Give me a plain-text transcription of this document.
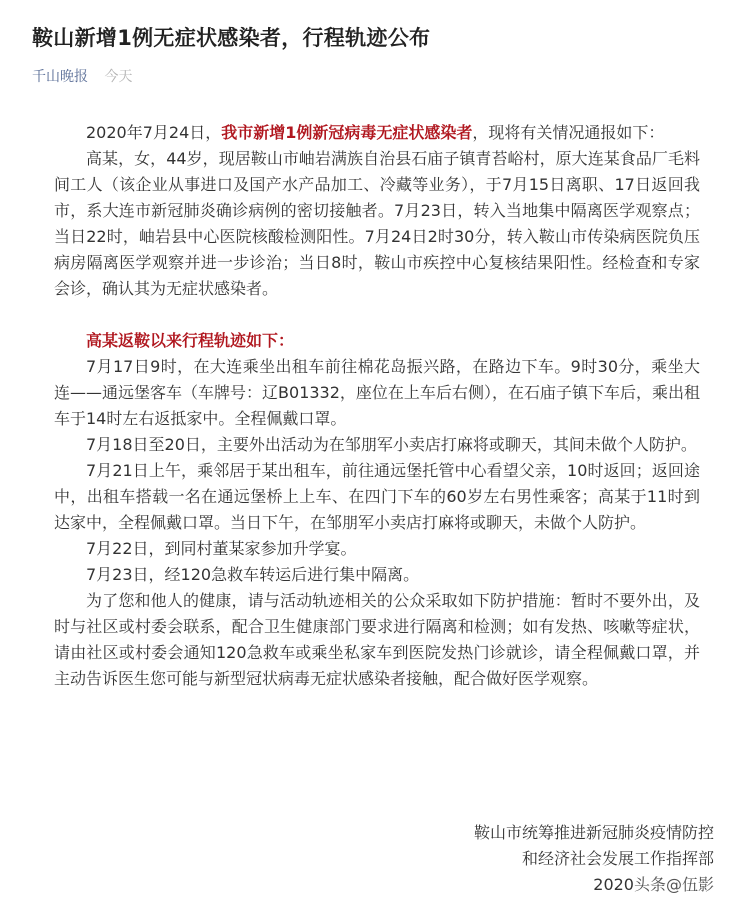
鞍山新增1例无症状感染者，行程轨迹公布
千山晚报 今天

2020年7月24日，我市新增1例新冠病毒无症状感染者，现将有关情况通报如下：

高某，女，44岁，现居鞍山市岫岩满族自治县石庙子镇青苔峪村，原大连某食品厂毛料间工人（该企业从事进口及国产水产品加工、冷藏等业务），于7月15日离职、17日返回我市，系大连市新冠肺炎确诊病例的密切接触者。7月23日，转入当地集中隔离医学观察点；当日22时，岫岩县中心医院核酸检测阳性。7月24日2时30分，转入鞍山市传染病医院负压病房隔离医学观察并进一步诊治；当日8时，鞍山市疾控中心复核结果阳性。经检查和专家会诊，确认其为无症状感染者。

高某返鞍以来行程轨迹如下：

7月17日9时，在大连乘坐出租车前往棉花岛振兴路，在路边下车。9时30分，乘坐大连——通远堡客车（车牌号：辽B01332，座位在上车后右侧），在石庙子镇下车后，乘出租车于14时左右返抵家中。全程佩戴口罩。

7月18日至20日，主要外出活动为在邹朋军小卖店打麻将或聊天，其间未做个人防护。

7月21日上午，乘邻居于某出租车，前往通远堡托管中心看望父亲，10时返回；返回途中，出租车搭载一名在通远堡桥上上车、在四门下车的60岁左右男性乘客；高某于11时到达家中，全程佩戴口罩。当日下午，在邹朋军小卖店打麻将或聊天，未做个人防护。

7月22日，到同村董某家参加升学宴。

7月23日，经120急救车转运后进行集中隔离。

为了您和他人的健康，请与活动轨迹相关的公众采取如下防护措施：暂时不要外出，及时与社区或村委会联系，配合卫生健康部门要求进行隔离和检测；如有发热、咳嗽等症状，请由社区或村委会通知120急救车或乘坐私家车到医院发热门诊就诊，请全程佩戴口罩，并主动告诉医生您可能与新型冠状病毒无症状感染者接触，配合做好医学观察。

鞍山市统筹推进新冠肺炎疫情防控
和经济社会发展工作指挥部
2020头条@伍影
